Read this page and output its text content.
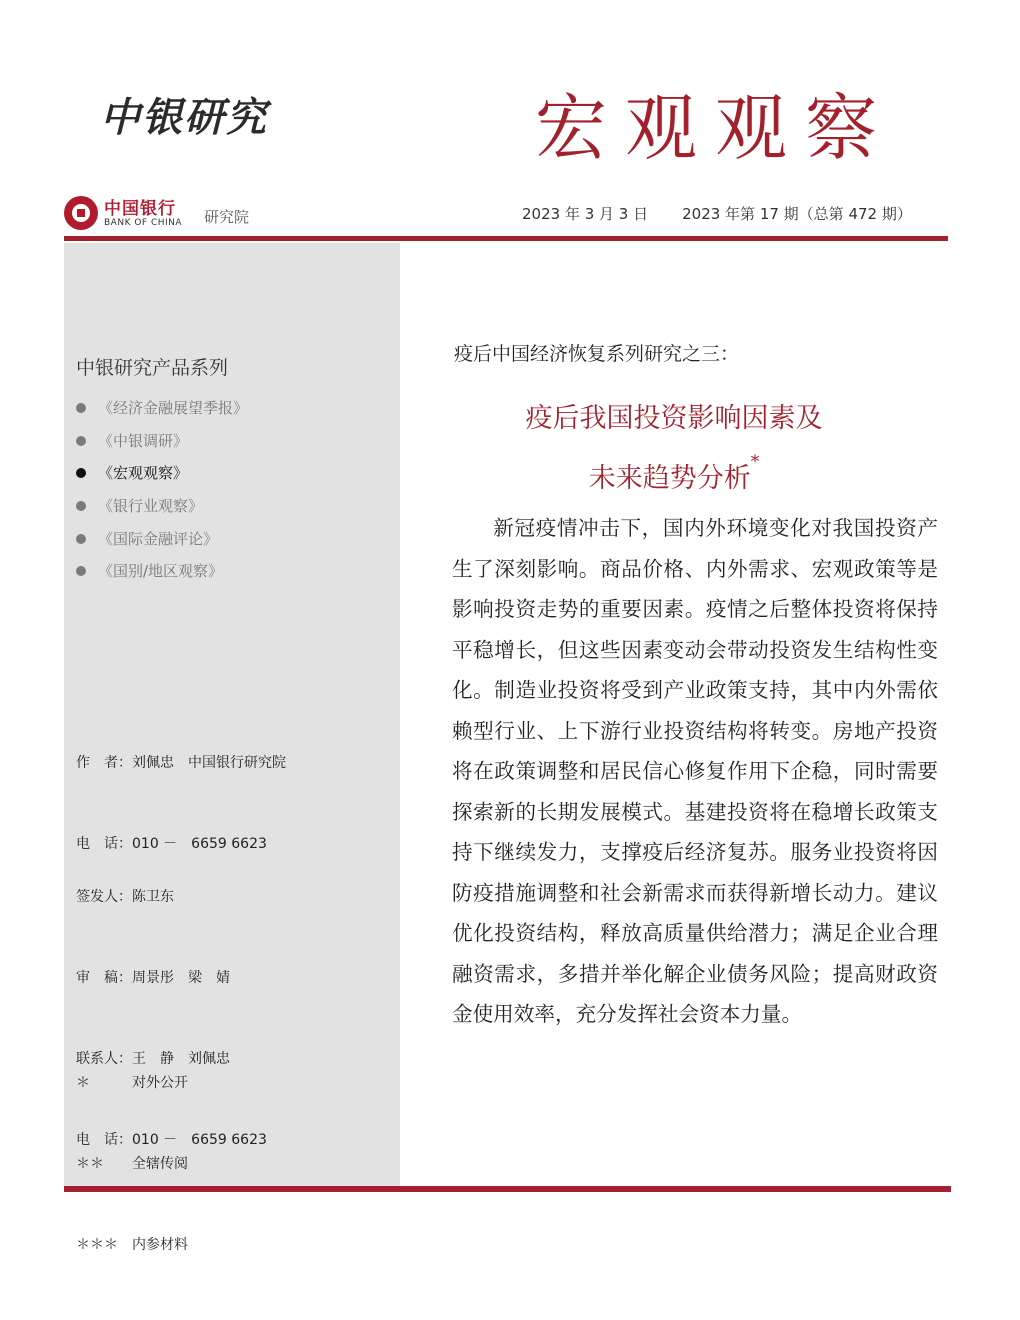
中银研究	宏观观察
中国银行
BANK OF CHINA 研究院	2023 年 3 月 3 日 2023 年第 17 期（总第 472 期）
中银研究产品系列
《经济金融展望季报》
《中银调研》
《宏观观察》
《银行业观察》
《国际金融评论》
《国别/地区观察》

作　者：刘佩忠　中国银行研究院

电　话：010 －　6659 6623

签发人：陈卫东

审　稿：周景彤　梁　婧

联系人：王　静　刘佩忠

电　话：010 －　6659 6623

＊　　　对外公开

＊＊　　全辖传阅

＊＊＊　内参材料

疫后中国经济恢复系列研究之三：
疫后我国投资影响因素及
未来趋势分析*
新冠疫情冲击下，国内外环境变化对我国投资产生了深刻影响。商品价格、内外需求、宏观政策等是影响投资走势的重要因素。疫情之后整体投资将保持平稳增长，但这些因素变动会带动投资发生结构性变化。制造业投资将受到产业政策支持，其中内外需依赖型行业、上下游行业投资结构将转变。房地产投资将在政策调整和居民信心修复作用下企稳，同时需要探索新的长期发展模式。基建投资将在稳增长政策支持下继续发力，支撑疫后经济复苏。服务业投资将因防疫措施调整和社会新需求而获得新增长动力。建议优化投资结构，释放高质量供给潜力；满足企业合理融资需求，多措并举化解企业债务风险；提高财政资金使用效率，充分发挥社会资本力量。
